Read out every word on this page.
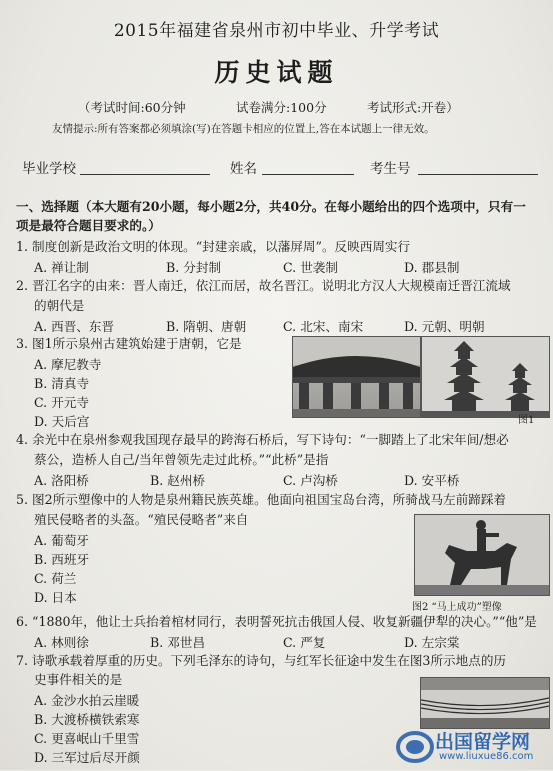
2015年福建省泉州市初中毕业、升学考试
历史试题
（考试时间:60分钟	试卷满分:100分	考试形式:开卷）
友情提示:所有答案都必须填涂(写)在答题卡相应的位置上,答在本试题上一律无效。
毕业学校	姓名	考生号
一、选择题（本大题有20小题，每小题2分，共40分。在每小题给出的四个选项中，只有一项是最符合题目要求的。）
1. 制度创新是政治文明的体现。“封建亲戚，以藩屏周”。反映西周实行
A. 禅让制	B. 分封制	C. 世袭制	D. 郡县制
2. 晋江名字的由来：晋人南迁，依江而居，故名晋江。说明北方汉人大规模南迁晋江流域
的朝代是
A. 西晋、东晋	B. 隋朝、唐朝	C. 北宋、南宋	D. 元朝、明朝
3. 图1所示泉州古建筑始建于唐朝，它是
A. 摩尼教寺
B. 清真寺
C. 开元寺
D. 天后宫	图1
4. 余光中在泉州参观我国现存最早的跨海石桥后，写下诗句：“一脚踏上了北宋年间/想必
蔡公，造桥人自己/当年曾领先走过此桥。”“此桥”是指
A. 洛阳桥	B. 赵州桥	C. 卢沟桥	D. 安平桥
5. 图2所示塑像中的人物是泉州籍民族英雄。他面向祖国宝岛台湾，所骑战马左前蹄踩着
殖民侵略者的头盔。“殖民侵略者”来自
A. 葡萄牙
B. 西班牙
C. 荷兰
D. 日本
图2 “马上成功”塑像
6. “1880年，他让士兵抬着棺材同行，表明誓死抗击俄国人侵、收复新疆伊犁的决心。”“他”是
A. 林则徐	B. 邓世昌	C. 严复	D. 左宗棠
7. 诗歌承载着厚重的历史。下列毛泽东的诗句，与红军长征途中发生在图3所示地点的历
史事件相关的是
A. 金沙水拍云崖暖
B. 大渡桥横铁索寒
C. 更喜岷山千里雪
D. 三军过后尽开颜
出国留学网
www.liuxue86.com
